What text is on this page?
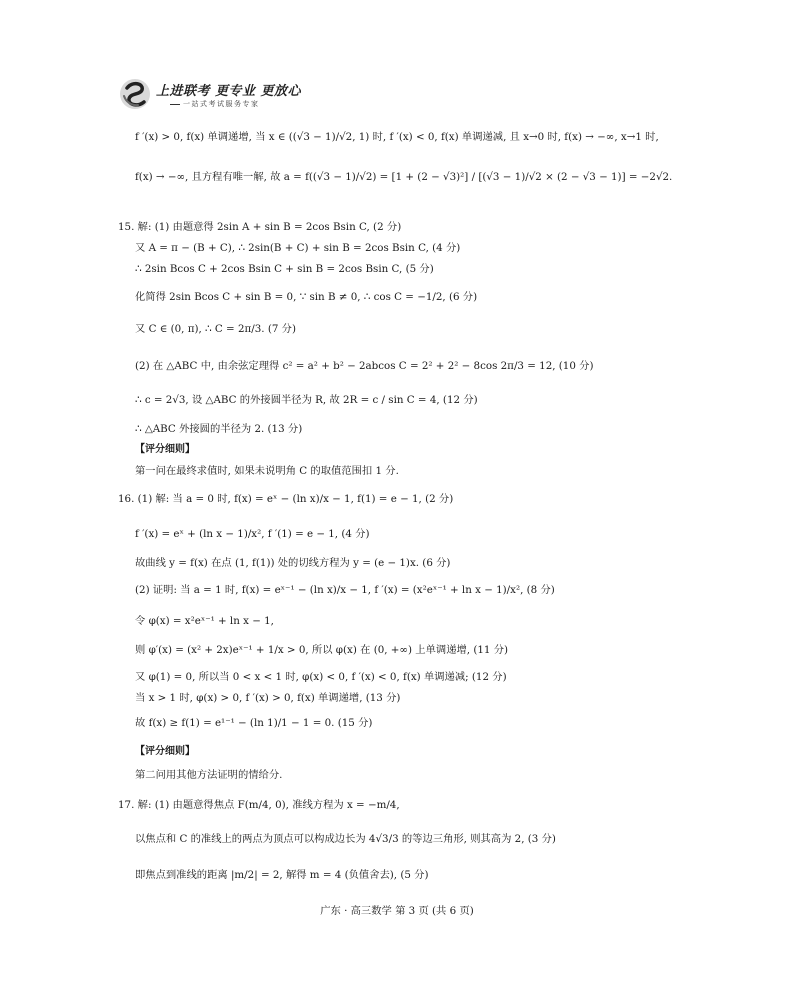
上进联考 更专业 更放心
一站式考试服务专家
f ′(x) > 0, f(x) 单调递增, 当 x ∈ ((√3 − 1)/√2, 1) 时, f ′(x) < 0, f(x) 单调递减, 且 x→0 时, f(x) → −∞, x→1 时,
f(x) → −∞, 且方程有唯一解, 故 a = f((√3 − 1)/√2) = [1 + (2 − √3)²] / [(√3 − 1)/√2 × (2 − √3 − 1)] = −2√2.
15. 解: (1) 由题意得 2sin A + sin B = 2cos Bsin C, (2 分)
又 A = π − (B + C), ∴ 2sin(B + C) + sin B = 2cos Bsin C, (4 分)
∴ 2sin Bcos C + 2cos Bsin C + sin B = 2cos Bsin C, (5 分)
化简得 2sin Bcos C + sin B = 0, ∵ sin B ≠ 0, ∴ cos C = −1/2, (6 分)
又 C ∈ (0, π), ∴ C = 2π/3. (7 分)
(2) 在 △ABC 中, 由余弦定理得 c² = a² + b² − 2abcos C = 2² + 2² − 8cos 2π/3 = 12, (10 分)
∴ c = 2√3, 设 △ABC 的外接圆半径为 R, 故 2R = c / sin C = 4, (12 分)
∴ △ABC 外接圆的半径为 2. (13 分)
【评分细则】
第一问在最终求值时, 如果未说明角 C 的取值范围扣 1 分.
16. (1) 解: 当 a = 0 时, f(x) = eˣ − (ln x)/x − 1, f(1) = e − 1, (2 分)
f ′(x) = eˣ + (ln x − 1)/x², f ′(1) = e − 1, (4 分)
故曲线 y = f(x) 在点 (1, f(1)) 处的切线方程为 y = (e − 1)x. (6 分)
(2) 证明: 当 a = 1 时, f(x) = eˣ⁻¹ − (ln x)/x − 1, f ′(x) = (x²eˣ⁻¹ + ln x − 1)/x², (8 分)
令 φ(x) = x²eˣ⁻¹ + ln x − 1,
则 φ′(x) = (x² + 2x)eˣ⁻¹ + 1/x > 0, 所以 φ(x) 在 (0, +∞) 上单调递增, (11 分)
又 φ(1) = 0, 所以当 0 < x < 1 时, φ(x) < 0, f ′(x) < 0, f(x) 单调递减; (12 分)
当 x > 1 时, φ(x) > 0, f ′(x) > 0, f(x) 单调递增, (13 分)
故 f(x) ≥ f(1) = e¹⁻¹ − (ln 1)/1 − 1 = 0. (15 分)
【评分细则】
第二问用其他方法证明的情给分.
17. 解: (1) 由题意得焦点 F(m/4, 0), 准线方程为 x = −m/4,
以焦点和 C 的准线上的两点为顶点可以构成边长为 4√3/3 的等边三角形, 则其高为 2, (3 分)
即焦点到准线的距离 |m/2| = 2, 解得 m = 4 (负值舍去), (5 分)
广东 · 高三数学 第 3 页 (共 6 页)
